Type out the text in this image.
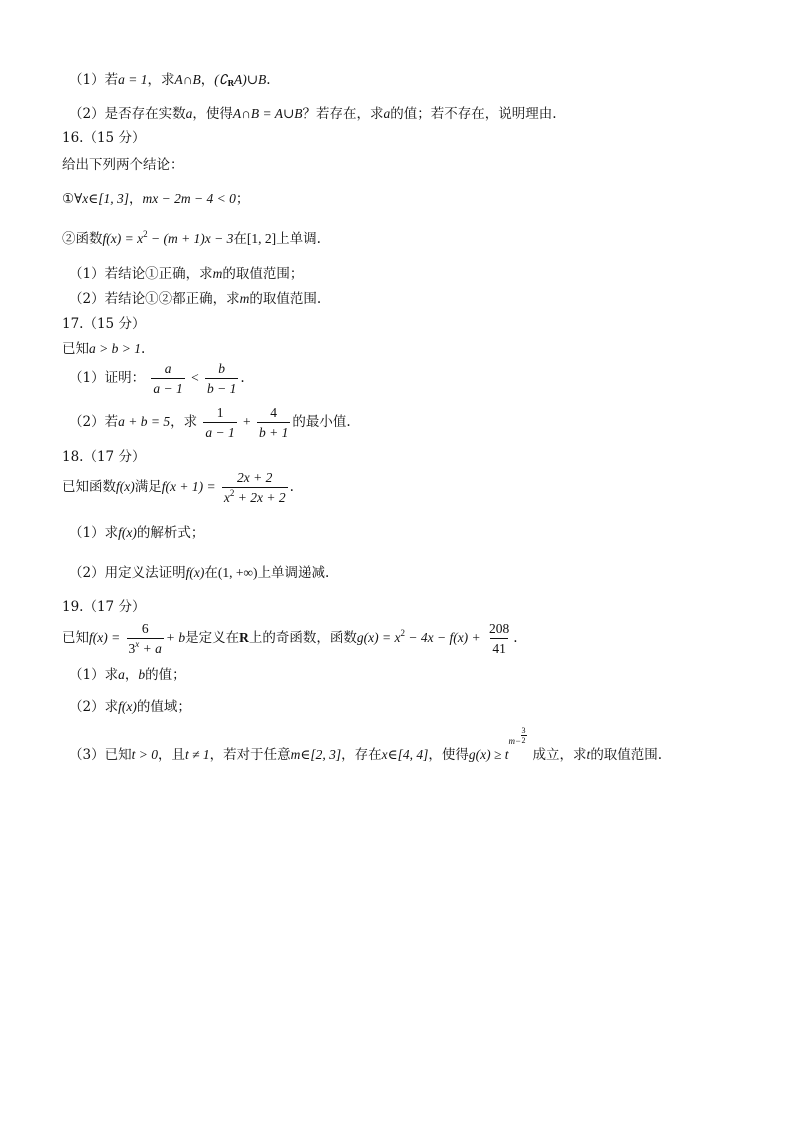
（1）若a = 1，求A∩B，$(∁_RA)\cup B$.
（2）是否存在实数a，使得A∩B = A∪B？若存在，求a的值；若不存在，说明理由.
16.（15 分）
给出下列两个结论：
①∀x∈[1, 3]，mx − 2m − 4 < 0；
②函数$f(x) = x^2 - (m + 1)x - 3$在[1, 2]上单调.
（1）若结论①正确，求m的取值范围；
（2）若结论①②都正确，求m的取值范围.
17.（15 分）
已知a > b > 1.
（1）证明： $\frac{a}{a - 1} < \frac{b}{b - 1}$ .
（2）若a + b = 5，求 $\frac{1}{a - 1} + \frac{4}{b + 1}$ 的最小值.
18.（17 分）
已知函数f(x)满足$f(x + 1) = \frac{2x + 2}{x^2 + 2x + 2}$ .
（1）求f(x)的解析式；
（2）用定义法证明f(x)在(1, +∞)上单调递减.
19.（17 分）
已知$f(x) = \frac{6}{3^x + a} + b$是定义在R上的奇函数，函数$g(x) = x^2 - 4x - f(x) + \frac{208}{41}$ .
（1）求a，b的值；
（2）求f(x)的值域；
（3）已知t > 0，且t ≠ 1，若对于任意m∈[2, 3]，存在x∈[4, 4]，使得g(x) ≥ t
m−
3
2
成立，求t的取值范围.
